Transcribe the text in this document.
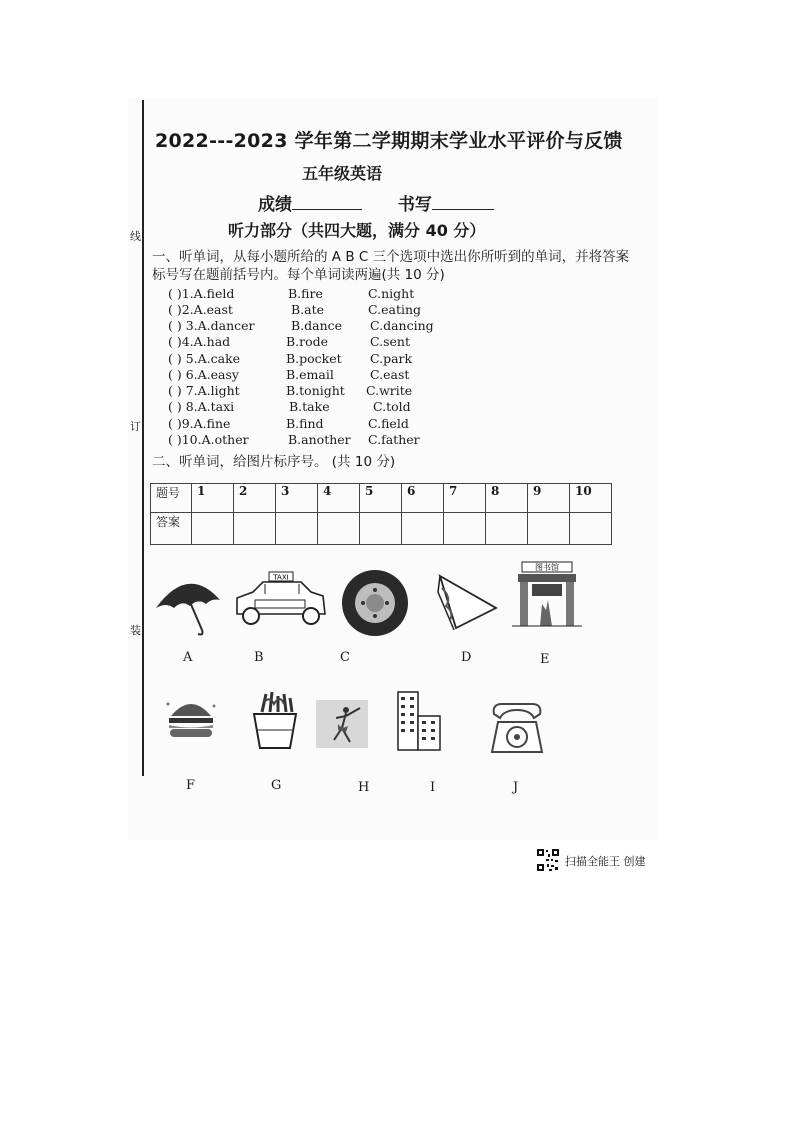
线
订
装
2022---2023 学年第二学期期末学业水平评价与反馈
五年级英语
成绩	书写
听力部分（共四大题，满分 40 分）
一、听单词，从每小题所给的 A B C 三个选项中选出你所听到的单词，并将答案标号写在题前括号内。每个单词读两遍(共 10 分)
( )1.A.field	B.fire	C.night
( )2.A.east	B.ate	C.eating
( ) 3.A.dancer	B.dance C.dancing
( )4.A.had	B.rode	C.sent
( ) 5.A.cake	B.pocket C.park
( ) 6.A.easy	B.email	C.east
( ) 7.A.light	B.tonight C.write
( ) 8.A.taxi	B.take	C.told
( )9.A.fine	B.find	C.field
( )10.A.other	B.another C.father
二、听单词，给图片标序号。 (共 10 分)
题号	1	2	3	4	5	6	7	8	9	10
答案										
TAXI
图书馆
A	B	C	D	E
F	G	H	I	J
扫描全能王 创建
